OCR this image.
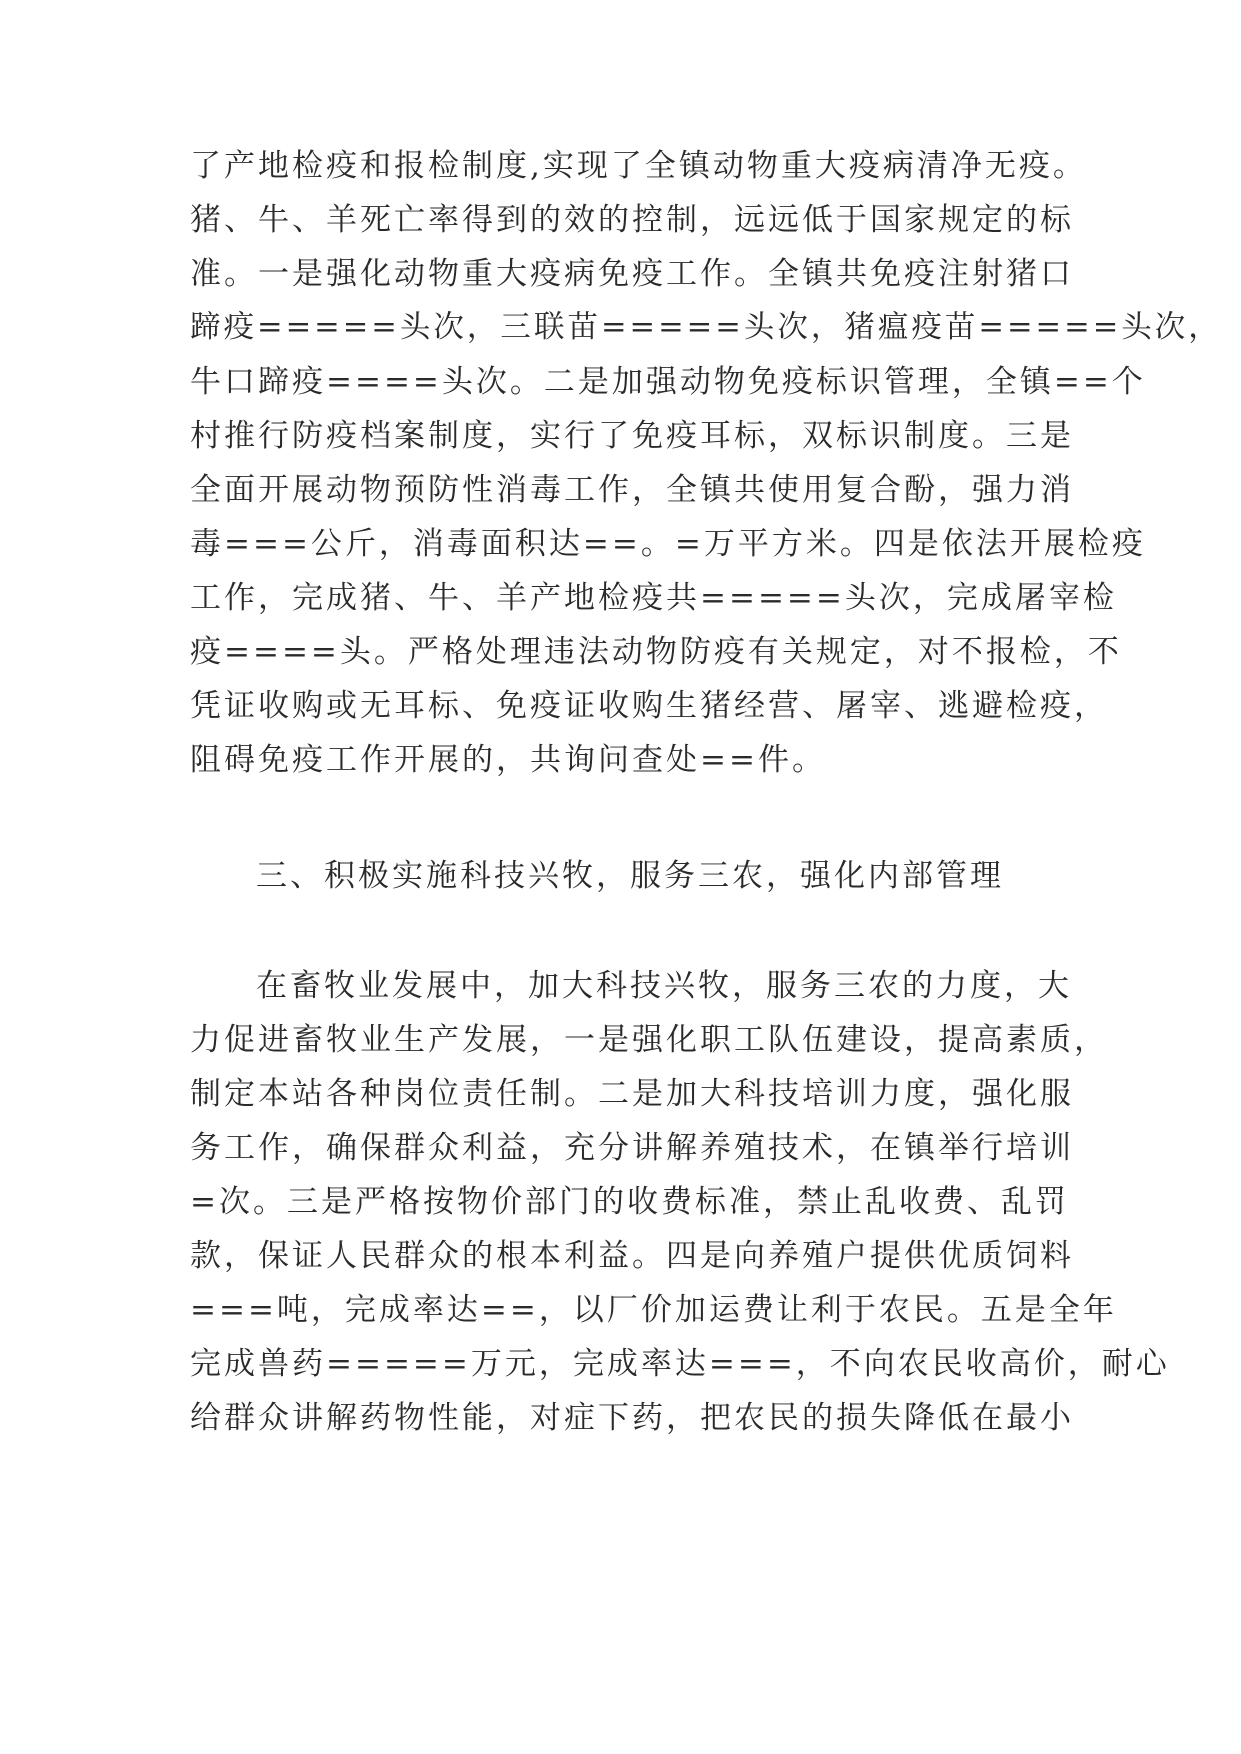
了产地检疫和报检制度,实现了全镇动物重大疫病清净无疫。
猪、牛、羊死亡率得到的效的控制，远远低于国家规定的标
准。一是强化动物重大疫病免疫工作。全镇共免疫注射猪口
蹄疫=====头次，三联苗=====头次，猪瘟疫苗=====头次，
牛口蹄疫====头次。二是加强动物免疫标识管理，全镇==个
村推行防疫档案制度，实行了免疫耳标，双标识制度。三是
全面开展动物预防性消毒工作，全镇共使用复合酚，强力消
毒===公斤，消毒面积达==。=万平方米。四是依法开展检疫
工作，完成猪、牛、羊产地检疫共=====头次，完成屠宰检
疫====头。严格处理违法动物防疫有关规定，对不报检，不
凭证收购或无耳标、免疫证收购生猪经营、屠宰、逃避检疫，
阻碍免疫工作开展的，共询问查处==件。
三、积极实施科技兴牧，服务三农，强化内部管理
在畜牧业发展中，加大科技兴牧，服务三农的力度，大
力促进畜牧业生产发展，一是强化职工队伍建设，提高素质，
制定本站各种岗位责任制。二是加大科技培训力度，强化服
务工作，确保群众利益，充分讲解养殖技术，在镇举行培训
=次。三是严格按物价部门的收费标准，禁止乱收费、乱罚
款，保证人民群众的根本利益。四是向养殖户提供优质饲料
===吨，完成率达==，以厂价加运费让利于农民。五是全年
完成兽药=====万元，完成率达===，不向农民收高价，耐心
给群众讲解药物性能，对症下药，把农民的损失降低在最小
